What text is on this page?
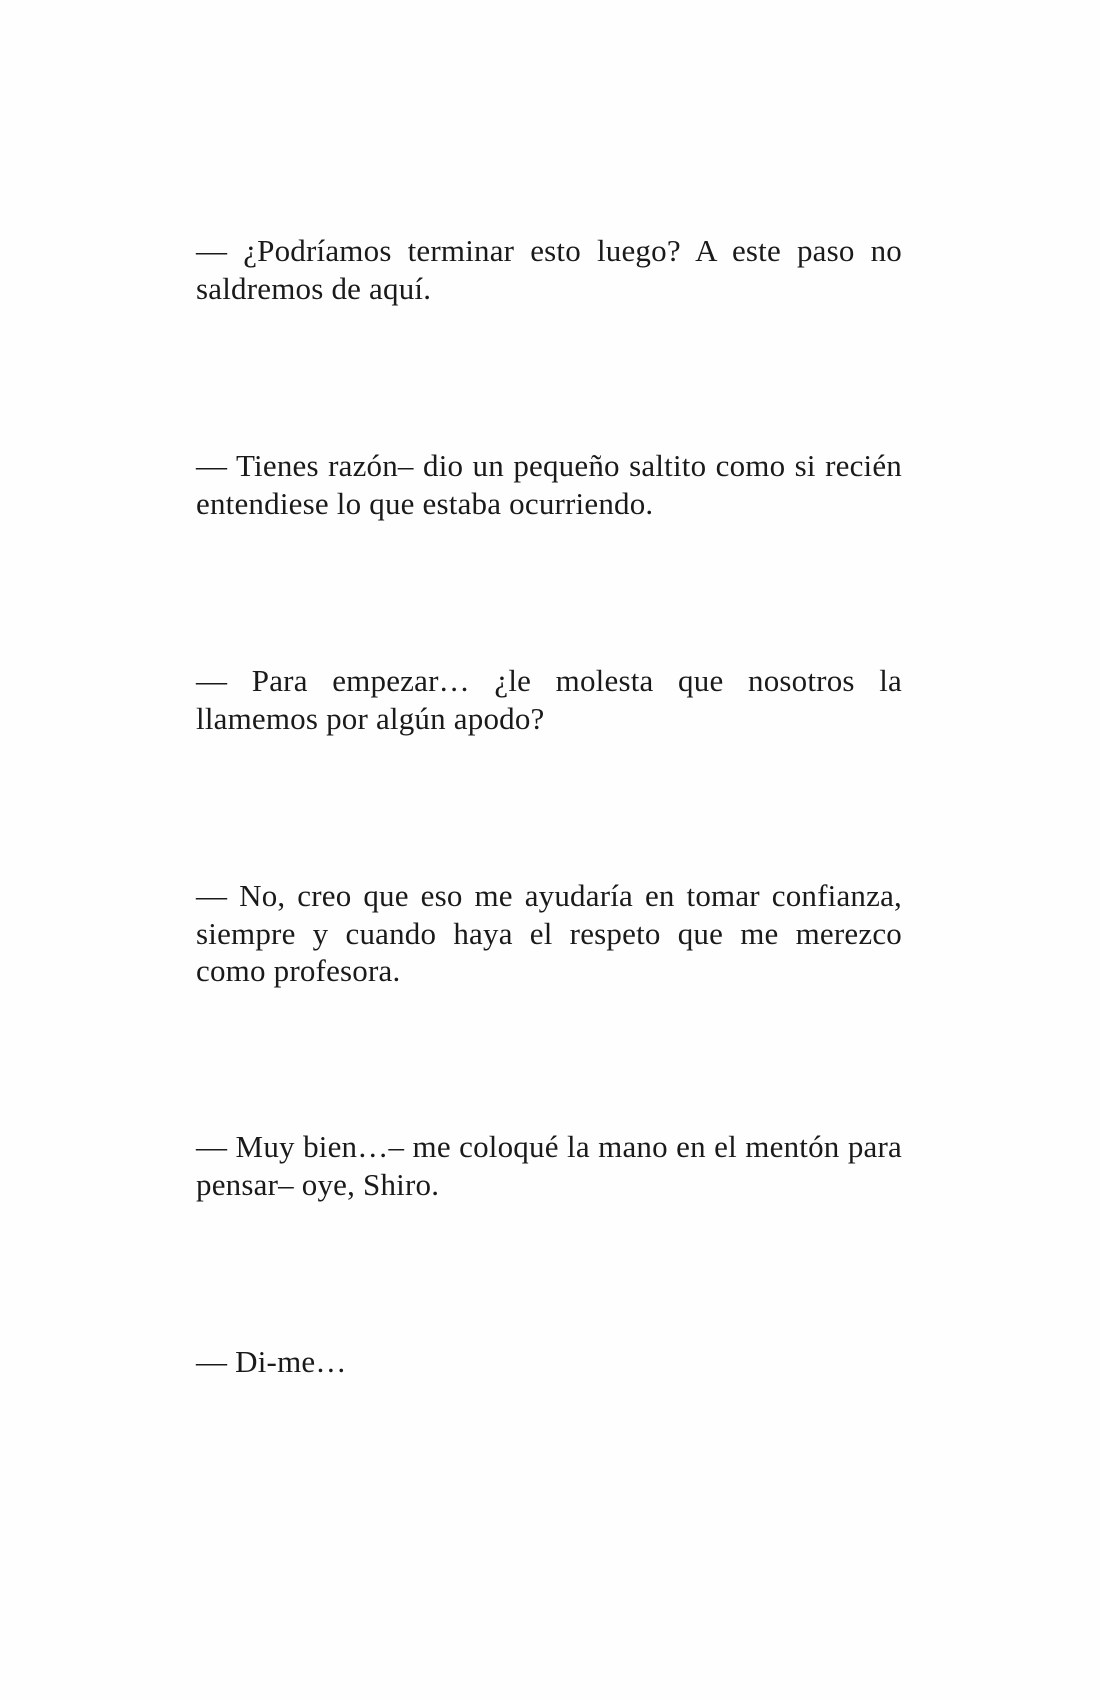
— ¿Podríamos terminar esto luego? A este paso no saldremos de aquí.

— Tienes razón– dio un pequeño saltito como si recién entendiese lo que estaba ocurriendo.

— Para empezar… ¿le molesta que nosotros la llamemos por algún apodo?

— No, creo que eso me ayudaría en tomar confianza, siempre y cuando haya el respeto que me merezco como profesora.

— Muy bien…– me coloqué la mano en el mentón para pensar– oye, Shiro.

— Di-me…
